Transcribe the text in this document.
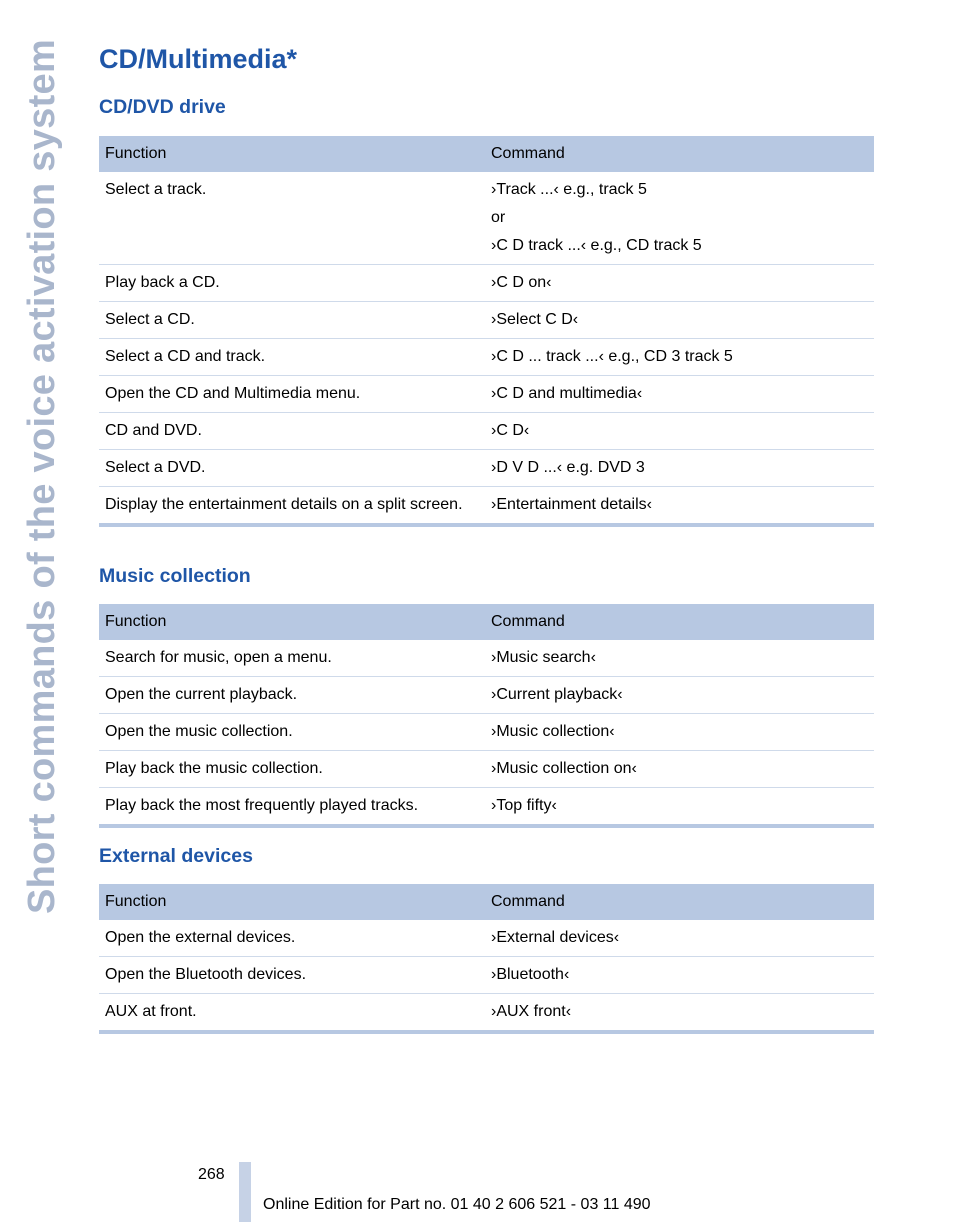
Short commands of the voice activation system CD/Multimedia*
CD/DVD drive
Function	Command
Select a track.	›Track ...‹ e.g., track 5
or
›C D track ...‹ e.g., CD track 5

Play back a CD.	›C D on‹

Select a CD.	›Select C D‹

Select a CD and track.	›C D ... track ...‹ e.g., CD 3 track 5

Open the CD and Multimedia menu.	›C D and multimedia‹

CD and DVD.	›C D‹

Select a DVD.	›D V D ...‹ e.g. DVD 3

Display the entertainment details on a split screen.	›Entertainment details‹
Music collection
Function	Command
Search for music, open a menu.	›Music search‹

Open the current playback.	›Current playback‹

Open the music collection.	›Music collection‹

Play back the music collection.	›Music collection on‹

Play back the most frequently played tracks.	›Top fifty‹
External devices
Function	Command
Open the external devices.	›External devices‹

Open the Bluetooth devices.	›Bluetooth‹

AUX at front.	›AUX front‹
268
Online Edition for Part no. 01 40 2 606 521 - 03 11 490
